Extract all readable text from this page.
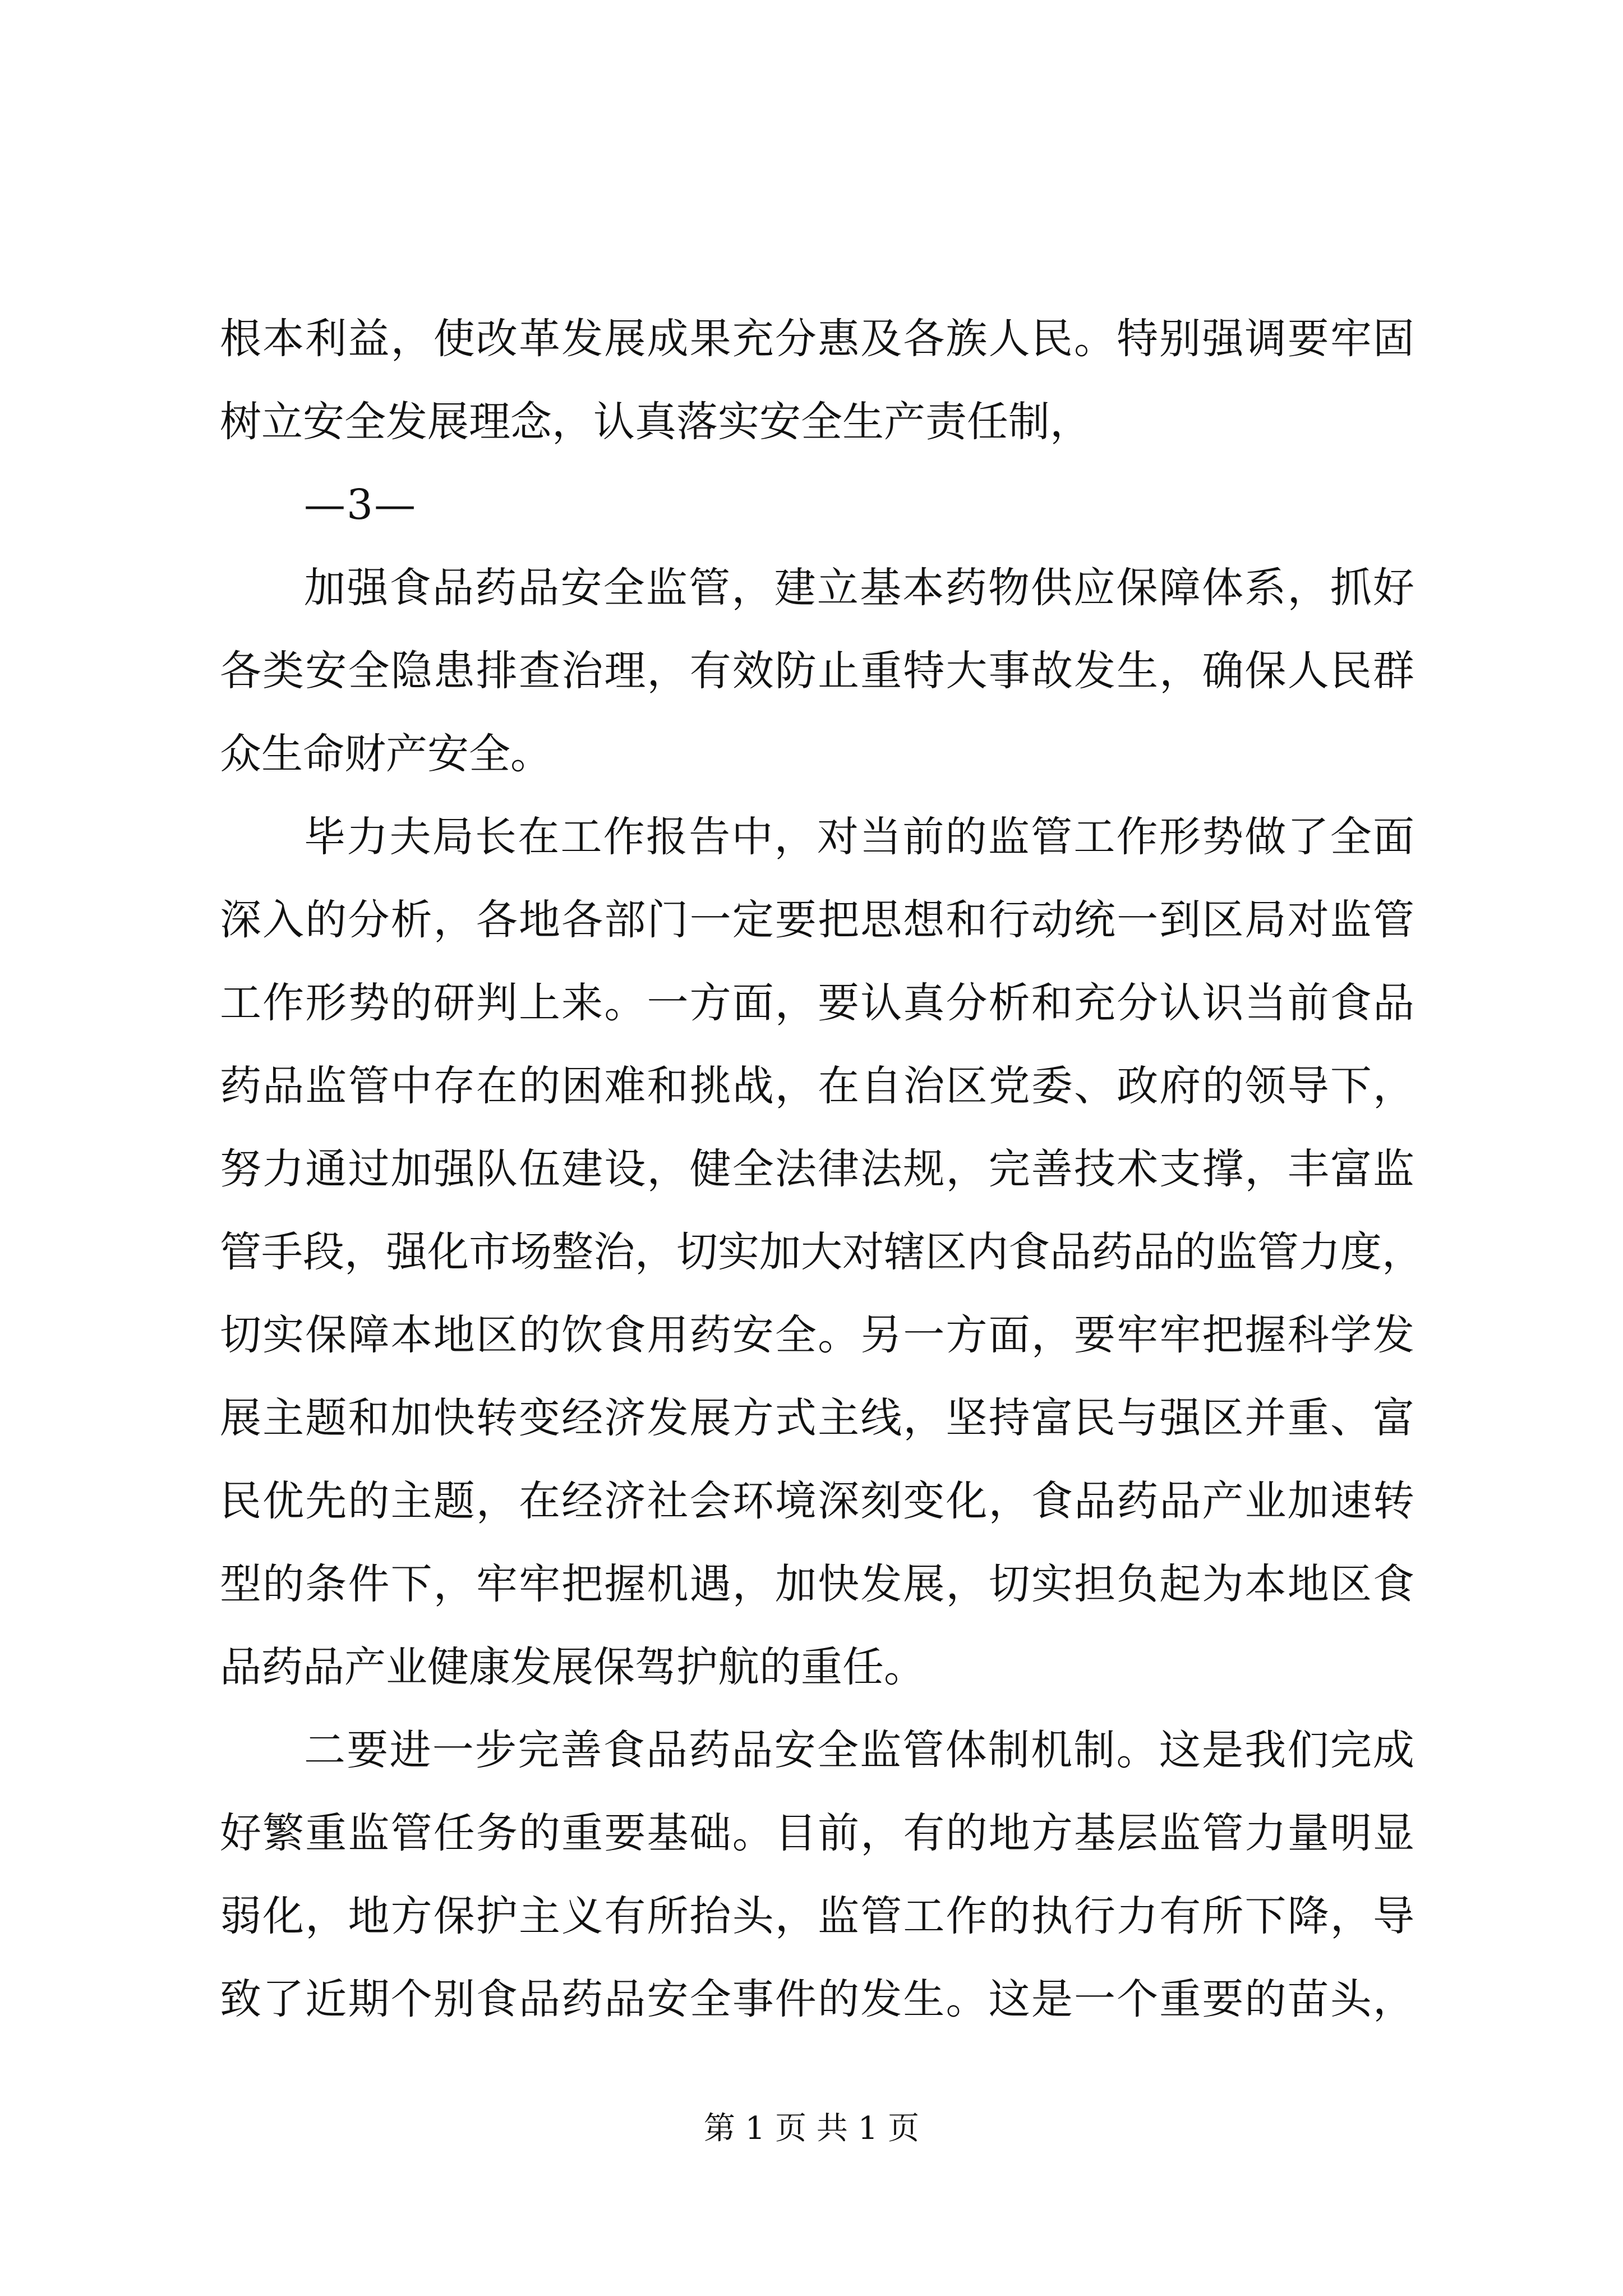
根本利益，使改革发展成果充分惠及各族人民。特别强调要牢固
树立安全发展理念，认真落实安全生产责任制，
—3—
加强食品药品安全监管，建立基本药物供应保障体系，抓好
各类安全隐患排查治理，有效防止重特大事故发生，确保人民群
众生命财产安全。
毕力夫局长在工作报告中，对当前的监管工作形势做了全面
深入的分析，各地各部门一定要把思想和行动统一到区局对监管
工作形势的研判上来。一方面，要认真分析和充分认识当前食品
药品监管中存在的困难和挑战，在自治区党委、政府的领导下，
努力通过加强队伍建设，健全法律法规，完善技术支撑，丰富监
管手段，强化市场整治，切实加大对辖区内食品药品的监管力度，
切实保障本地区的饮食用药安全。另一方面，要牢牢把握科学发
展主题和加快转变经济发展方式主线，坚持富民与强区并重、富
民优先的主题，在经济社会环境深刻变化，食品药品产业加速转
型的条件下，牢牢把握机遇，加快发展，切实担负起为本地区食
品药品产业健康发展保驾护航的重任。
二要进一步完善食品药品安全监管体制机制。这是我们完成
好繁重监管任务的重要基础。目前，有的地方基层监管力量明显
弱化，地方保护主义有所抬头，监管工作的执行力有所下降，导
致了近期个别食品药品安全事件的发生。这是一个重要的苗头，
第 1 页 共 1 页
